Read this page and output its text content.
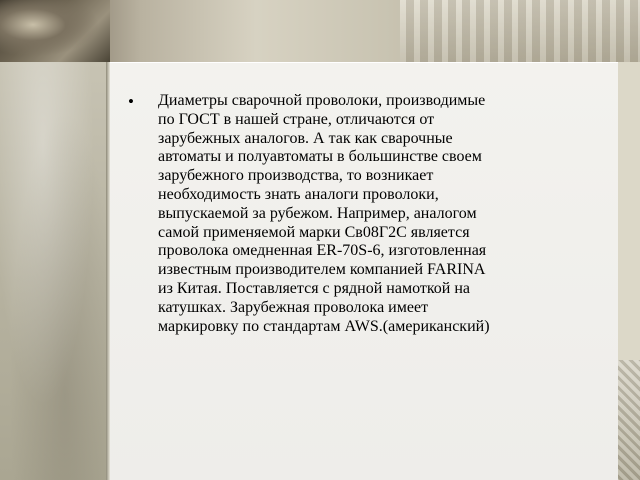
•	Диаметры сварочной проволоки, производимые
по ГОСТ в нашей стране, отличаются от
зарубежных аналогов. А так как сварочные
автоматы и полуавтоматы в большинстве своем
зарубежного производства, то возникает
необходимость знать аналоги проволоки,
выпускаемой за рубежом. Например, аналогом
самой применяемой марки Св08Г2С является
проволока омедненная ER-70S-6, изготовленная
известным производителем компанией FARINA
из Китая. Поставляется с рядной намоткой на
катушках. Зарубежная проволока имеет
маркировку по стандартам AWS.(американский)
